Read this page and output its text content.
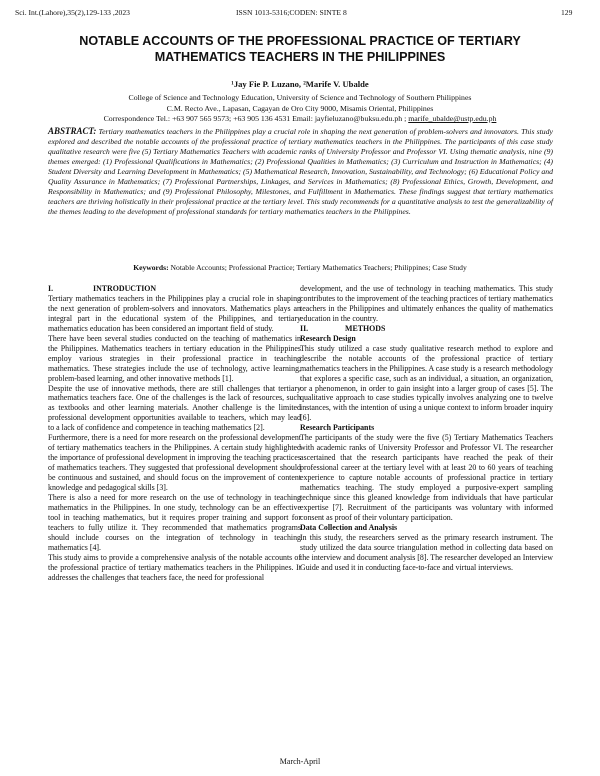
Sci. Int.(Lahore),35(2),129-133 ,2023	ISSN 1013-5316;CODEN: SINTE 8	129
NOTABLE ACCOUNTS OF THE PROFESSIONAL PRACTICE OF TERTIARY
MATHEMATICS TEACHERS IN THE PHILIPPINES
¹Jay Fie P. Luzano, ²Marife V. Ubalde
College of Science and Technology Education, University of Science and Technology of Southern Philippines
C.M. Recto Ave., Lapasan, Cagayan de Oro City 9000, Misamis Oriental, Philippines
Correspondence Tel.: +63 907 565 9573; +63 905 136 4531 Email: jayfieluzano@buksu.edu.ph ; marife_ubalde@ustp.edu.ph

ABSTRACT: Tertiary mathematics teachers in the Philippines play a crucial role in shaping the next generation of problem-solvers and innovators. This study explored and described the notable accounts of the professional practice of tertiary mathematics teachers in the Philippines. The participants of this case study qualitative research were five (5) Tertiary Mathematics Teachers with academic ranks of University Professor and Professor VI. Using thematic analysis, nine (9) themes emerged: (1) Professional Qualifications in Mathematics; (2) Professional Qualities in Mathematics; (3) Curriculum and Instruction in Mathematics; (4) Student Diversity and Learning Development in Mathematics; (5) Mathematical Research, Innovation, Sustainability, and Technology; (6) Educational Policy and Quality Assurance in Mathematics; (7) Professional Partnerships, Linkages, and Services in Mathematics; (8) Professional Ethics, Growth, Development, and Responsibility in Mathematics; and (9) Professional Philosophy, Milestones, and Fulfillment in Mathematics. These findings suggest that tertiary mathematics teachers are thriving holistically in their professional practice at the tertiary level. This study recommends for a quantitative analysis to test the generalizability of the themes leading to the development of professional standards for tertiary mathematics teachers in the Philippines.

Keywords: Notable Accounts; Professional Practice; Tertiary Mathematics Teachers; Philippines; Case Study
I.	INTRODUCTION

Tertiary mathematics teachers in the Philippines play a crucial role in shaping the next generation of problem-solvers and innovators. Mathematics plays an integral part in the educational system of the Philippines, and tertiary mathematics education has been considered an important field of study.

There have been several studies conducted on the teaching of mathematics in the Philippines. Mathematics teachers in tertiary education in the Philippines employ various strategies in their professional practice in teaching mathematics. These strategies include the use of technology, active learning, problem-based learning, and other innovative methods [1].

Despite the use of innovative methods, there are still challenges that tertiary mathematics teachers face. One of the challenges is the lack of resources, such as textbooks and other learning materials. Another challenge is the limited professional development opportunities available to teachers, which may lead to a lack of confidence and competence in teaching mathematics [2].

Furthermore, there is a need for more research on the professional development of tertiary mathematics teachers in the Philippines. A certain study highlighted the importance of professional development in improving the teaching practices of mathematics teachers. They suggested that professional development should be continuous and sustained, and should focus on the improvement of content knowledge and pedagogical skills [3].

There is also a need for more research on the use of technology in teaching mathematics in the Philippines. In one study, technology can be an effective tool in teaching mathematics, but it requires proper training and support for teachers to fully utilize it. They recommended that mathematics programs should include courses on the integration of technology in teaching mathematics [4].

This study aims to provide a comprehensive analysis of the notable accounts of the professional practice of tertiary mathematics teachers in the Philippines. It addresses the challenges that teachers face, the need for professional

development, and the use of technology in teaching mathematics. This study contributes to the improvement of the teaching practices of tertiary mathematics teachers in the Philippines and ultimately enhances the quality of mathematics education in the country.

II.	METHODS
Research Design

This study utilized a case study qualitative research method to explore and describe the notable accounts of the professional practice of tertiary mathematics teachers in the Philippines. A case study is a research methodology that explores a specific case, such as an individual, a situation, an organization, or a phenomenon, in order to gain insight into a larger group of cases [5]. The qualitative approach to case studies typically involves analyzing one to twelve instances, with the intention of using a unique context to inform broader inquiry [6].

Research Participants

The participants of the study were the five (5) Tertiary Mathematics Teachers with academic ranks of University Professor and Professor VI. The researcher ascertained that the research participants have reached the peak of their professional career at the tertiary level with at least 20 to 60 years of teaching experience to capture notable accounts of professional practice in tertiary mathematics teaching. The study employed a purposive-expert sampling technique since this gleaned knowledge from individuals that have particular expertise [7]. Recruitment of the participants was voluntary with informed consent as proof of their voluntary participation.

Data Collection and Analysis

In this study, the researchers served as the primary research instrument. The study utilized the data source triangulation method in collecting data based on the interview and document analysis [8]. The researcher developed an Interview Guide and used it in conducting face-to-face and virtual interviews.

March-April
